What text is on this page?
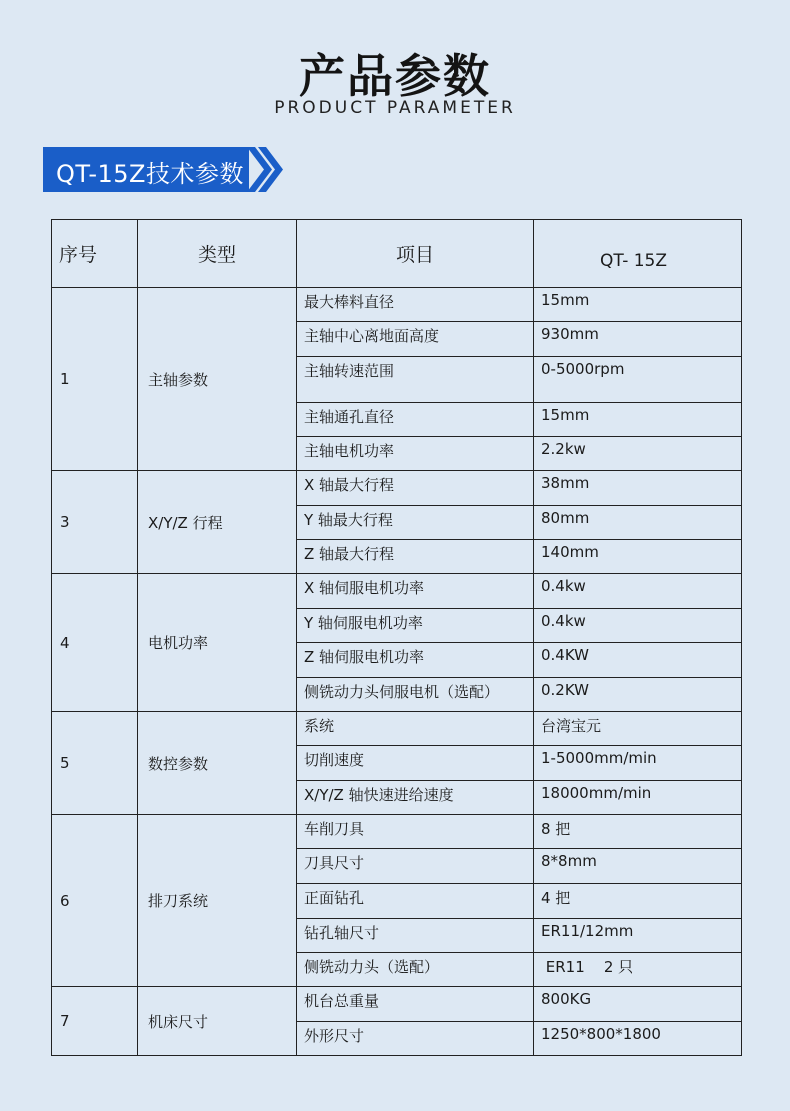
产品参数
PRODUCT PARAMETER
QT-15Z技术参数
序号	类型	项目	QT- 15Z
1	主轴参数	最大棒料直径	15mm
		主轴中心离地面高度	930mm
		主轴转速范围	0-5000rpm
		主轴通孔直径	15mm
		主轴电机功率	2.2kw
3	X/Y/Z 行程	X 轴最大行程	38mm
		Y 轴最大行程	80mm
		Z 轴最大行程	140mm
4	电机功率	X 轴伺服电机功率	0.4kw
		Y 轴伺服电机功率	0.4kw
		Z 轴伺服电机功率	0.4KW
		侧铣动力头伺服电机（选配）	0.2KW
5	数控参数	系统	台湾宝元
		切削速度	1-5000mm/min
		X/Y/Z 轴快速进给速度	18000mm/min
6	排刀系统	车削刀具	8 把
		刀具尺寸	8*8mm
		正面钻孔	4 把
		钻孔轴尺寸	ER11/12mm
		侧铣动力头（选配）	ER11    2 只
7	机床尺寸	机台总重量	800KG
		外形尺寸	1250*800*1800
